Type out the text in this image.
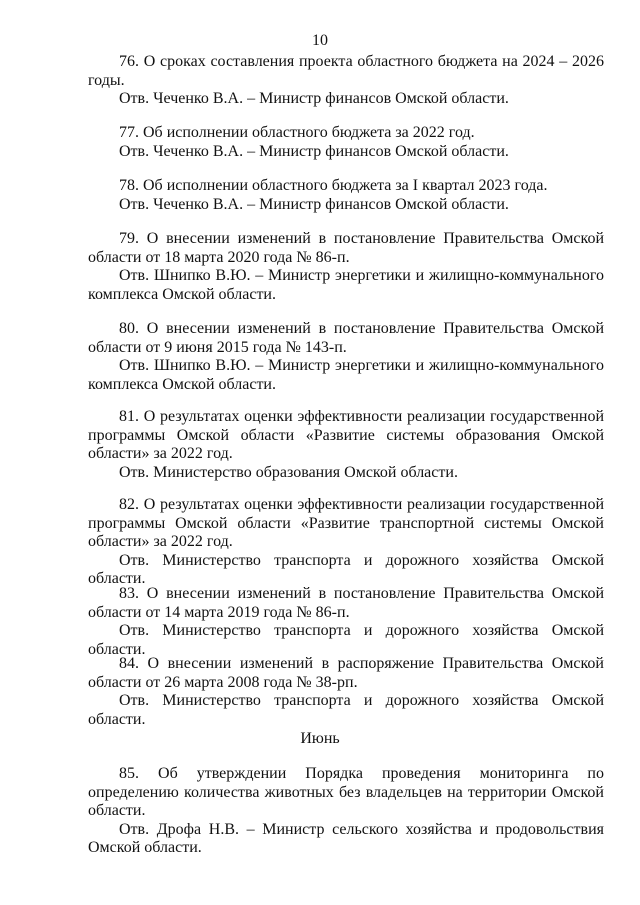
10

76. О сроках составления проекта областного бюджета на 2024 – 2026 годы.

Отв. Чеченко В.А. – Министр финансов Омской области.

77. Об исполнении областного бюджета за 2022 год.

Отв. Чеченко В.А. – Министр финансов Омской области.

78. Об исполнении областного бюджета за I квартал 2023 года.

Отв. Чеченко В.А. – Министр финансов Омской области.

79. О внесении изменений в постановление Правительства Омской области от 18 марта 2020 года № 86-п.

Отв. Шнипко В.Ю. – Министр энергетики и жилищно-коммунального комплекса Омской области.

80. О внесении изменений в постановление Правительства Омской области от 9 июня 2015 года № 143-п.

Отв. Шнипко В.Ю. – Министр энергетики и жилищно-коммунального комплекса Омской области.

81. О результатах оценки эффективности реализации государственной программы Омской области «Развитие системы образования Омской области» за 2022 год.

Отв. Министерство образования Омской области.

82. О результатах оценки эффективности реализации государственной программы Омской области «Развитие транспортной системы Омской области» за 2022 год.

Отв. Министерство транспорта и дорожного хозяйства Омской области.

83. О внесении изменений в постановление Правительства Омской области от 14 марта 2019 года № 86-п.

Отв. Министерство транспорта и дорожного хозяйства Омской области.

84. О внесении изменений в распоряжение Правительства Омской области от 26 марта 2008 года № 38-рп.

Отв. Министерство транспорта и дорожного хозяйства Омской области.

Июнь

85. Об утверждении Порядка проведения мониторинга по определению количества животных без владельцев на территории Омской области.

Отв. Дрофа Н.В. – Министр сельского хозяйства и продовольствия Омской области.
